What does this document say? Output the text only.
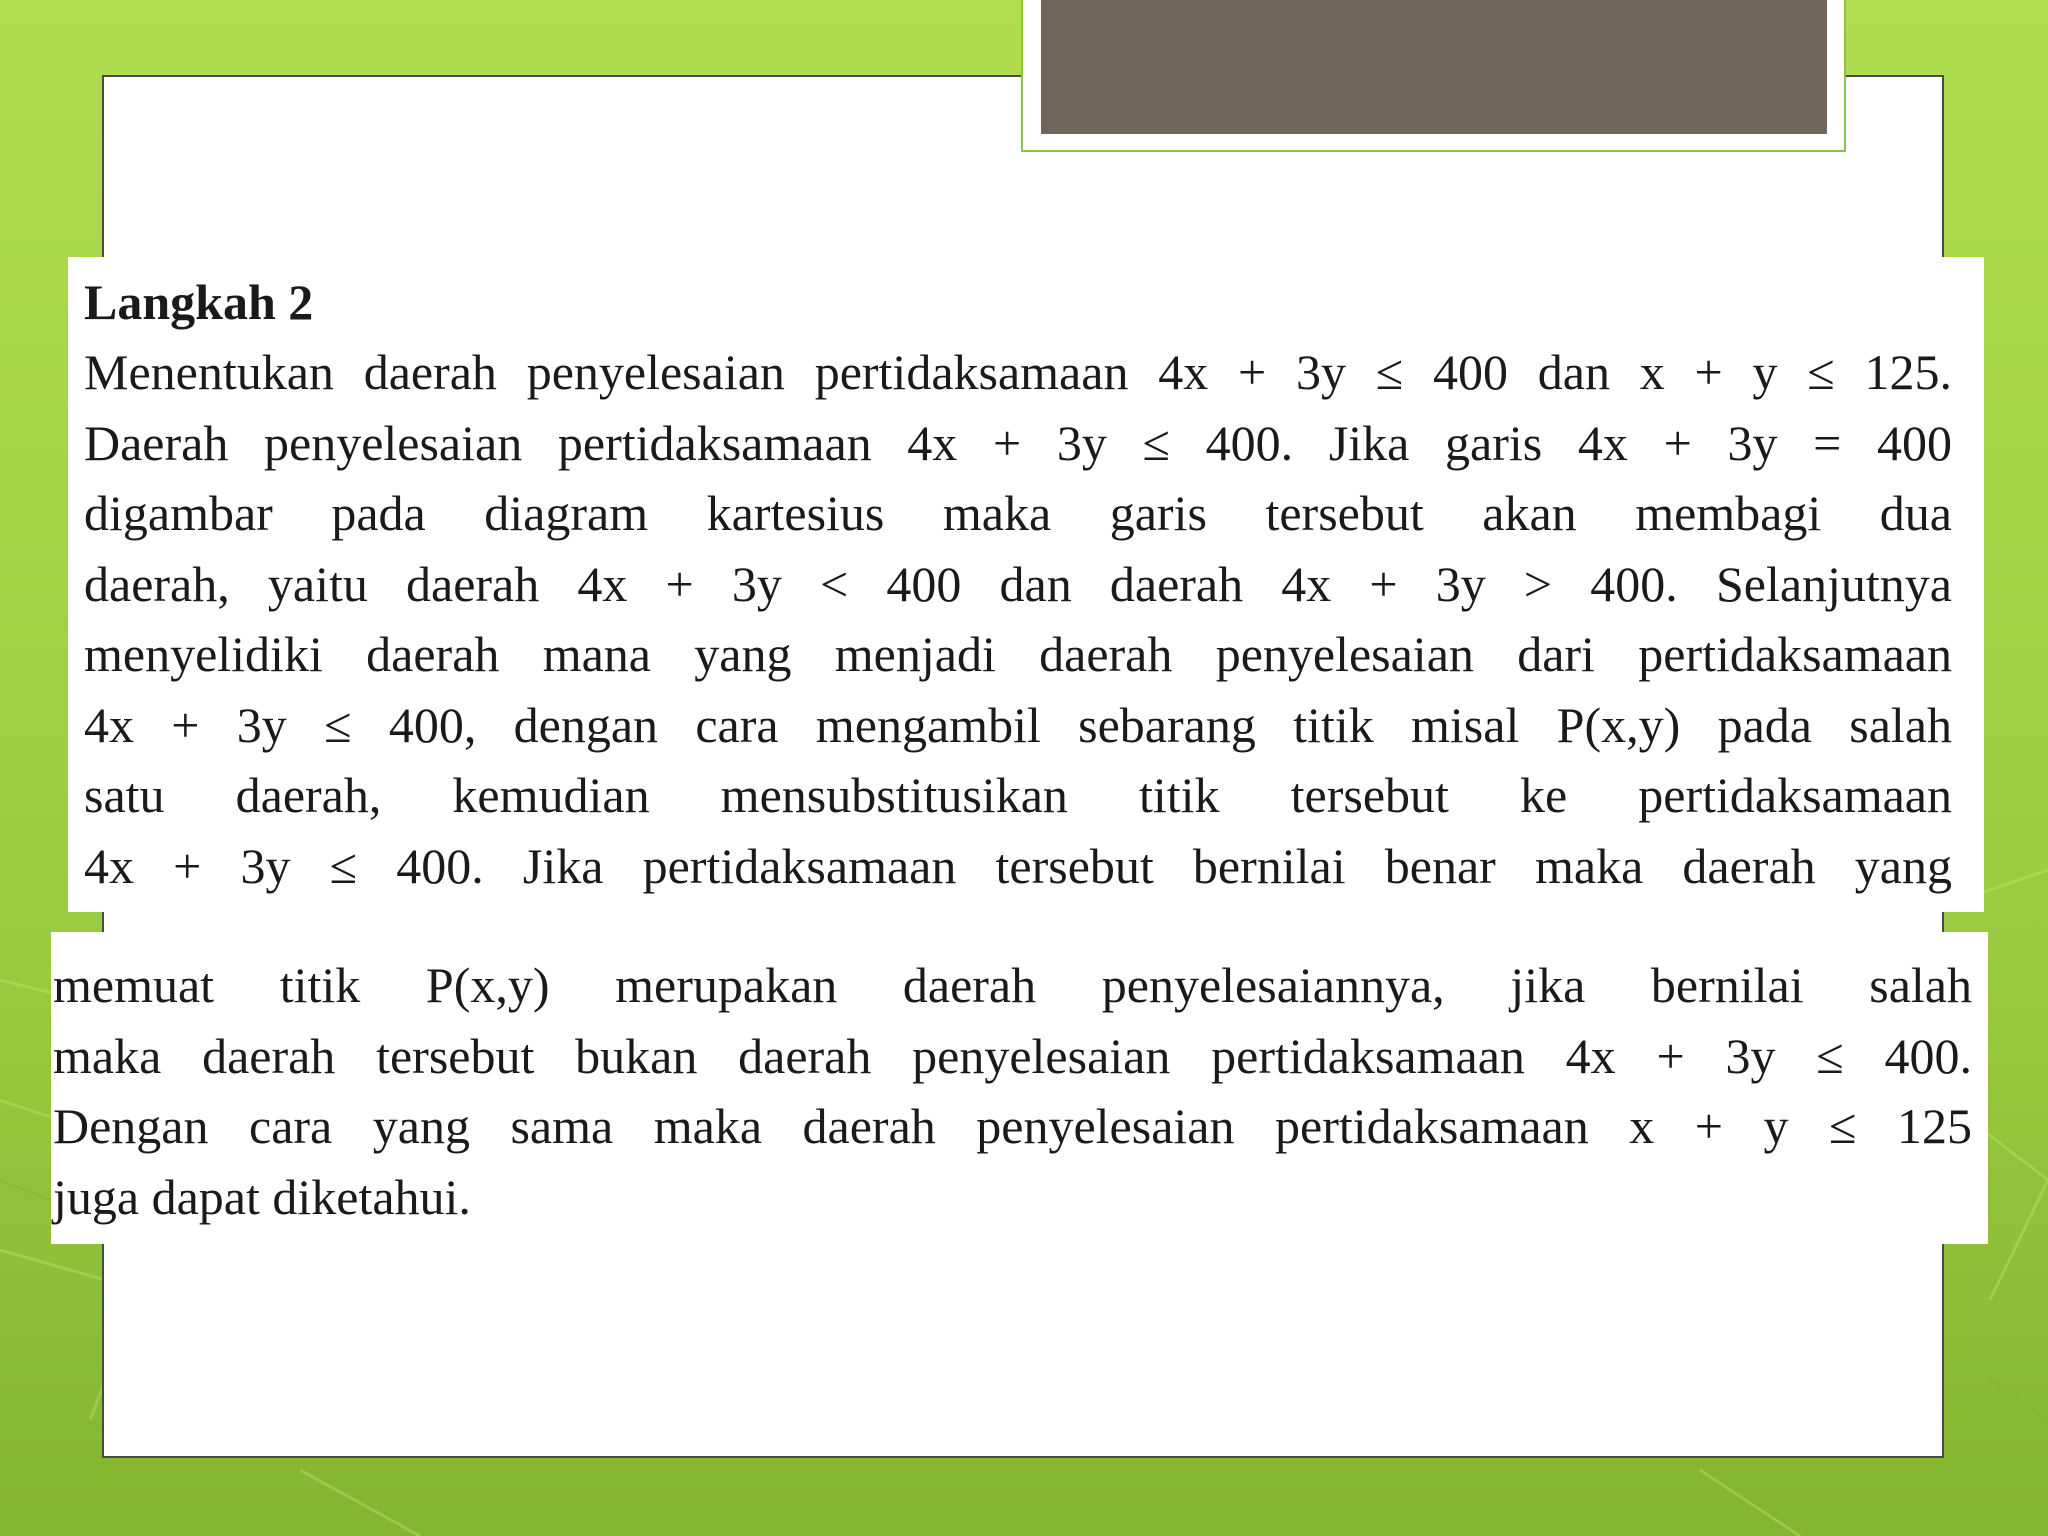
Langkah 2

Menentukan daerah penyelesaian pertidaksamaan 4x + 3y ≤ 400 dan x + y ≤ 125.

Daerah penyelesaian pertidaksamaan 4x + 3y ≤ 400. Jika garis 4x + 3y = 400

digambar pada diagram kartesius maka garis tersebut akan membagi dua

daerah, yaitu daerah 4x + 3y < 400 dan daerah 4x + 3y > 400. Selanjutnya

menyelidiki daerah mana yang menjadi daerah penyelesaian dari pertidaksamaan

4x + 3y ≤ 400, dengan cara mengambil sebarang titik misal P(x,y) pada salah

satu daerah, kemudian mensubstitusikan titik tersebut ke pertidaksamaan

4x + 3y ≤ 400. Jika pertidaksamaan tersebut bernilai benar maka daerah yang

memuat titik P(x,y) merupakan daerah penyelesaiannya, jika bernilai salah

maka daerah tersebut bukan daerah penyelesaian pertidaksamaan 4x + 3y ≤ 400.

Dengan cara yang sama maka daerah penyelesaian pertidaksamaan x + y ≤ 125

juga dapat diketahui.
